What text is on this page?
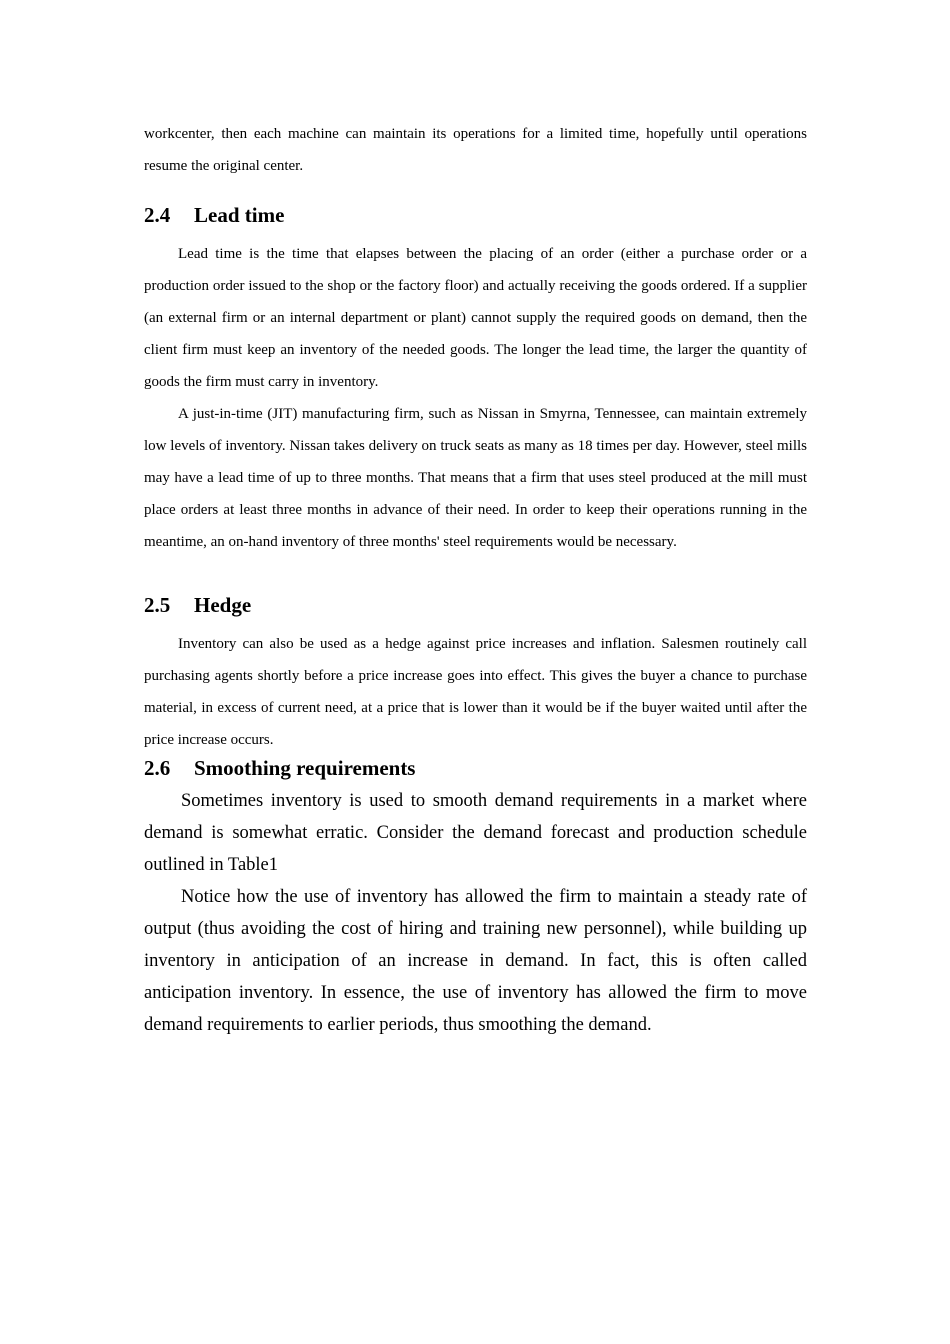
workcenter, then each machine can maintain its operations for a limited time, hopefully until operations resume the original center.

2.4 Lead time

Lead time is the time that elapses between the placing of an order (either a purchase order or a production order issued to the shop or the factory floor) and actually receiving the goods ordered. If a supplier (an external firm or an internal department or plant) cannot supply the required goods on demand, then the client firm must keep an inventory of the needed goods. The longer the lead time, the larger the quantity of goods the firm must carry in inventory.

A just-in-time (JIT) manufacturing firm, such as Nissan in Smyrna, Tennessee, can maintain extremely low levels of inventory. Nissan takes delivery on truck seats as many as 18 times per day. However, steel mills may have a lead time of up to three months. That means that a firm that uses steel produced at the mill must place orders at least three months in advance of their need. In order to keep their operations running in the meantime, an on-hand inventory of three months' steel requirements would be necessary.

2.5 Hedge

Inventory can also be used as a hedge against price increases and inflation. Salesmen routinely call purchasing agents shortly before a price increase goes into effect. This gives the buyer a chance to purchase material, in excess of current need, at a price that is lower than it would be if the buyer waited until after the price increase occurs.

2.6 Smoothing requirements

Sometimes inventory is used to smooth demand requirements in a market where demand is somewhat erratic. Consider the demand forecast and production schedule outlined in Table1

Notice how the use of inventory has allowed the firm to maintain a steady rate of output (thus avoiding the cost of hiring and training new personnel), while building up inventory in anticipation of an increase in demand. In fact, this is often called anticipation inventory. In essence, the use of inventory has allowed the firm to move demand requirements to earlier periods, thus smoothing the demand.
